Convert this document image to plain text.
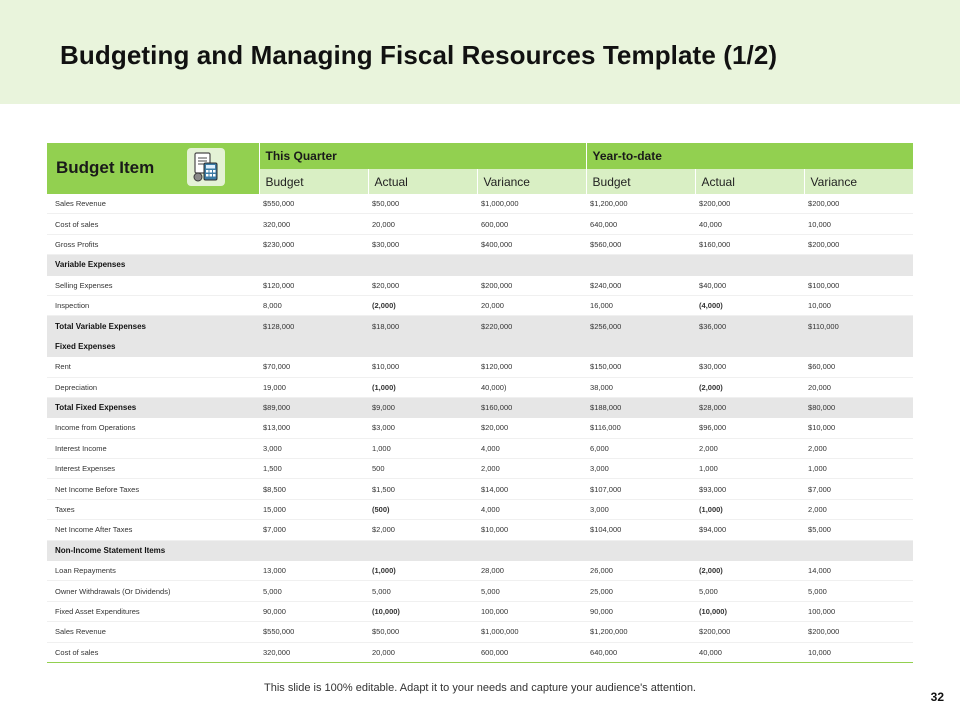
Budgeting and Managing Fiscal Resources Template (1/2)
Budget Item	This Quarter			Year-to-date		
	Budget	Actual	Variance	Budget	Actual	Variance
Sales Revenue	$550,000	$50,000	$1,000,000	$1,200,000	$200,000	$200,000
Cost of sales	320,000	20,000	600,000	640,000	40,000	10,000
Gross Profits	$230,000	$30,000	$400,000	$560,000	$160,000	$200,000
Variable Expenses						
Selling Expenses	$120,000	$20,000	$200,000	$240,000	$40,000	$100,000
Inspection	8,000	(2,000)	20,000	16,000	(4,000)	10,000
Total Variable Expenses	$128,000	$18,000	$220,000	$256,000	$36,000	$110,000
Fixed Expenses						
Rent	$70,000	$10,000	$120,000	$150,000	$30,000	$60,000
Depreciation	19,000	(1,000)	40,000)	38,000	(2,000)	20,000
Total Fixed Expenses	$89,000	$9,000	$160,000	$188,000	$28,000	$80,000
Income from Operations	$13,000	$3,000	$20,000	$116,000	$96,000	$10,000
Interest Income	3,000	1,000	4,000	6,000	2,000	2,000
Interest Expenses	1,500	500	2,000	3,000	1,000	1,000
Net Income Before Taxes	$8,500	$1,500	$14,000	$107,000	$93,000	$7,000
Taxes	15,000	(500)	4,000	3,000	(1,000)	2,000
Net Income After Taxes	$7,000	$2,000	$10,000	$104,000	$94,000	$5,000
Non-Income Statement Items						
Loan Repayments	13,000	(1,000)	28,000	26,000	(2,000)	14,000
Owner Withdrawals (Or Dividends)	5,000	5,000	5,000	25,000	5,000	5,000
Fixed Asset Expenditures	90,000	(10,000)	100,000	90,000	(10,000)	100,000
Sales Revenue	$550,000	$50,000	$1,000,000	$1,200,000	$200,000	$200,000
Cost of sales	320,000	20,000	600,000	640,000	40,000	10,000
This slide is 100% editable. Adapt it to your needs and capture your audience's attention.
32
